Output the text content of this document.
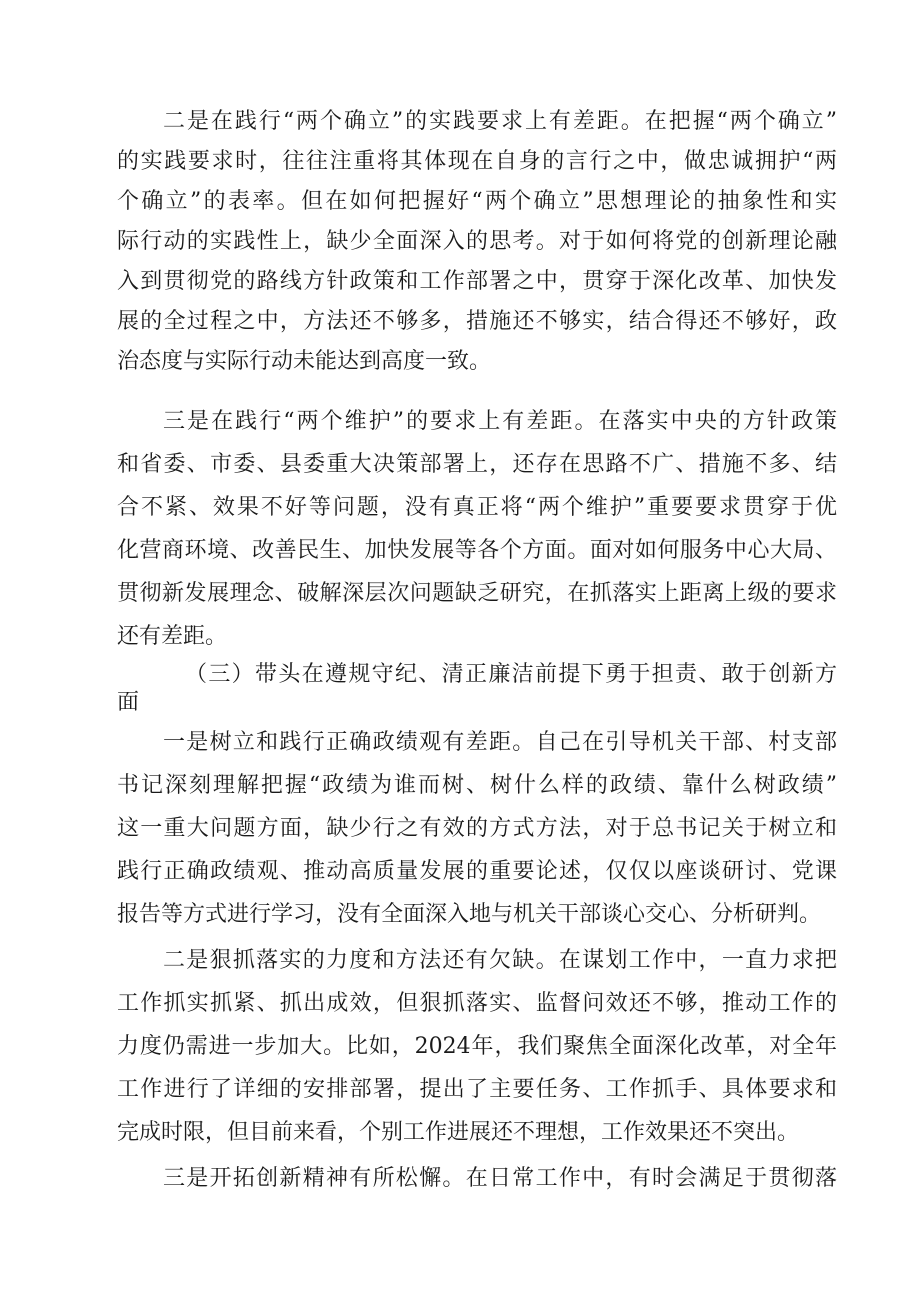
二是在践行“两个确立”的实践要求上有差距。在把握“两个确立”
的实践要求时，往往注重将其体现在自身的言行之中，做忠诚拥护“两
个确立”的表率。但在如何把握好“两个确立”思想理论的抽象性和实
际行动的实践性上，缺少全面深入的思考。对于如何将党的创新理论融
入到贯彻党的路线方针政策和工作部署之中，贯穿于深化改革、加快发
展的全过程之中，方法还不够多，措施还不够实，结合得还不够好，政
治态度与实际行动未能达到高度一致。
三是在践行“两个维护”的要求上有差距。在落实中央的方针政策
和省委、市委、县委重大决策部署上，还存在思路不广、措施不多、结
合不紧、效果不好等问题，没有真正将“两个维护”重要要求贯穿于优
化营商环境、改善民生、加快发展等各个方面。面对如何服务中心大局、
贯彻新发展理念、破解深层次问题缺乏研究，在抓落实上距离上级的要求
还有差距。
（三）带头在遵规守纪、清正廉洁前提下勇于担责、敢于创新方
面
一是树立和践行正确政绩观有差距。自己在引导机关干部、村支部
书记深刻理解把握“政绩为谁而树、树什么样的政绩、靠什么树政绩”
这一重大问题方面，缺少行之有效的方式方法，对于总书记关于树立和
践行正确政绩观、推动高质量发展的重要论述，仅仅以座谈研讨、党课
报告等方式进行学习，没有全面深入地与机关干部谈心交心、分析研判。
二是狠抓落实的力度和方法还有欠缺。在谋划工作中，一直力求把
工作抓实抓紧、抓出成效，但狠抓落实、监督问效还不够，推动工作的
力度仍需进一步加大。比如，2024年，我们聚焦全面深化改革，对全年
工作进行了详细的安排部署，提出了主要任务、工作抓手、具体要求和
完成时限，但目前来看，个别工作进展还不理想，工作效果还不突出。
三是开拓创新精神有所松懈。在日常工作中，有时会满足于贯彻落
